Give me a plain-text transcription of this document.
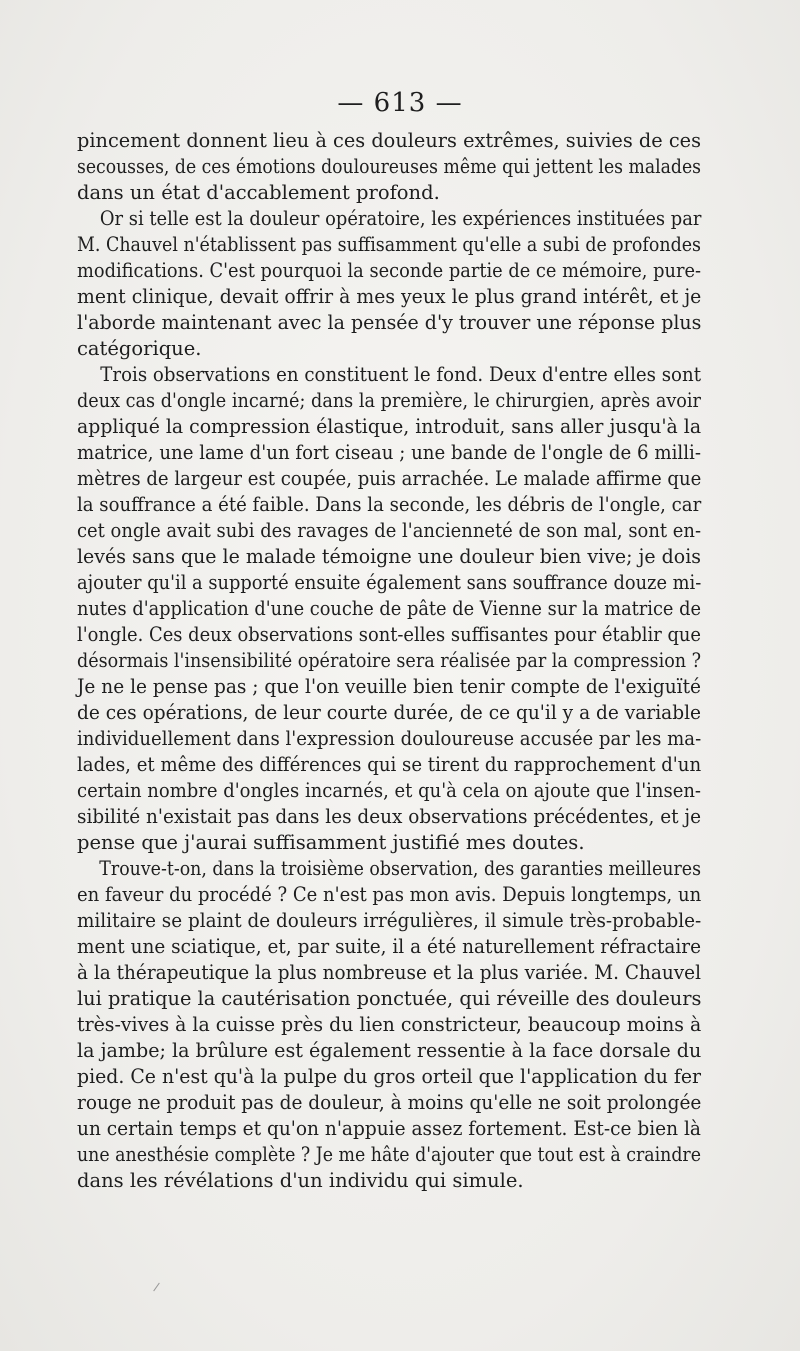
— 613 —
pincement donnent lieu à ces douleurs extrêmes, suivies de ces
secousses, de ces émotions douloureuses même qui jettent les malades
dans un état d'accablement profond.
Or si telle est la douleur opératoire, les expériences instituées par
M. Chauvel n'établissent pas suffisamment qu'elle a subi de profondes
modifications. C'est pourquoi la seconde partie de ce mémoire, pure-
ment clinique, devait offrir à mes yeux le plus grand intérêt, et je
l'aborde maintenant avec la pensée d'y trouver une réponse plus
catégorique.
Trois observations en constituent le fond. Deux d'entre elles sont
deux cas d'ongle incarné; dans la première, le chirurgien, après avoir
appliqué la compression élastique, introduit, sans aller jusqu'à la
matrice, une lame d'un fort ciseau ; une bande de l'ongle de 6 milli-
mètres de largeur est coupée, puis arrachée. Le malade affirme que
la souffrance a été faible. Dans la seconde, les débris de l'ongle, car
cet ongle avait subi des ravages de l'ancienneté de son mal, sont en-
levés sans que le malade témoigne une douleur bien vive; je dois
ajouter qu'il a supporté ensuite également sans souffrance douze mi-
nutes d'application d'une couche de pâte de Vienne sur la matrice de
l'ongle. Ces deux observations sont-elles suffisantes pour établir que
désormais l'insensibilité opératoire sera réalisée par la compression ?
Je ne le pense pas ; que l'on veuille bien tenir compte de l'exiguïté
de ces opérations, de leur courte durée, de ce qu'il y a de variable
individuellement dans l'expression douloureuse accusée par les ma-
lades, et même des différences qui se tirent du rapprochement d'un
certain nombre d'ongles incarnés, et qu'à cela on ajoute que l'insen-
sibilité n'existait pas dans les deux observations précédentes, et je
pense que j'aurai suffisamment justifié mes doutes.
Trouve-t-on, dans la troisième observation, des garanties meilleures
en faveur du procédé ? Ce n'est pas mon avis. Depuis longtemps, un
militaire se plaint de douleurs irrégulières, il simule très-probable-
ment une sciatique, et, par suite, il a été naturellement réfractaire
à la thérapeutique la plus nombreuse et la plus variée. M. Chauvel
lui pratique la cautérisation ponctuée, qui réveille des douleurs
très-vives à la cuisse près du lien constricteur, beaucoup moins à
la jambe; la brûlure est également ressentie à la face dorsale du
pied. Ce n'est qu'à la pulpe du gros orteil que l'application du fer
rouge ne produit pas de douleur, à moins qu'elle ne soit prolongée
un certain temps et qu'on n'appuie assez fortement. Est-ce bien là
une anesthésie complète ? Je me hâte d'ajouter que tout est à craindre
dans les révélations d'un individu qui simule.
